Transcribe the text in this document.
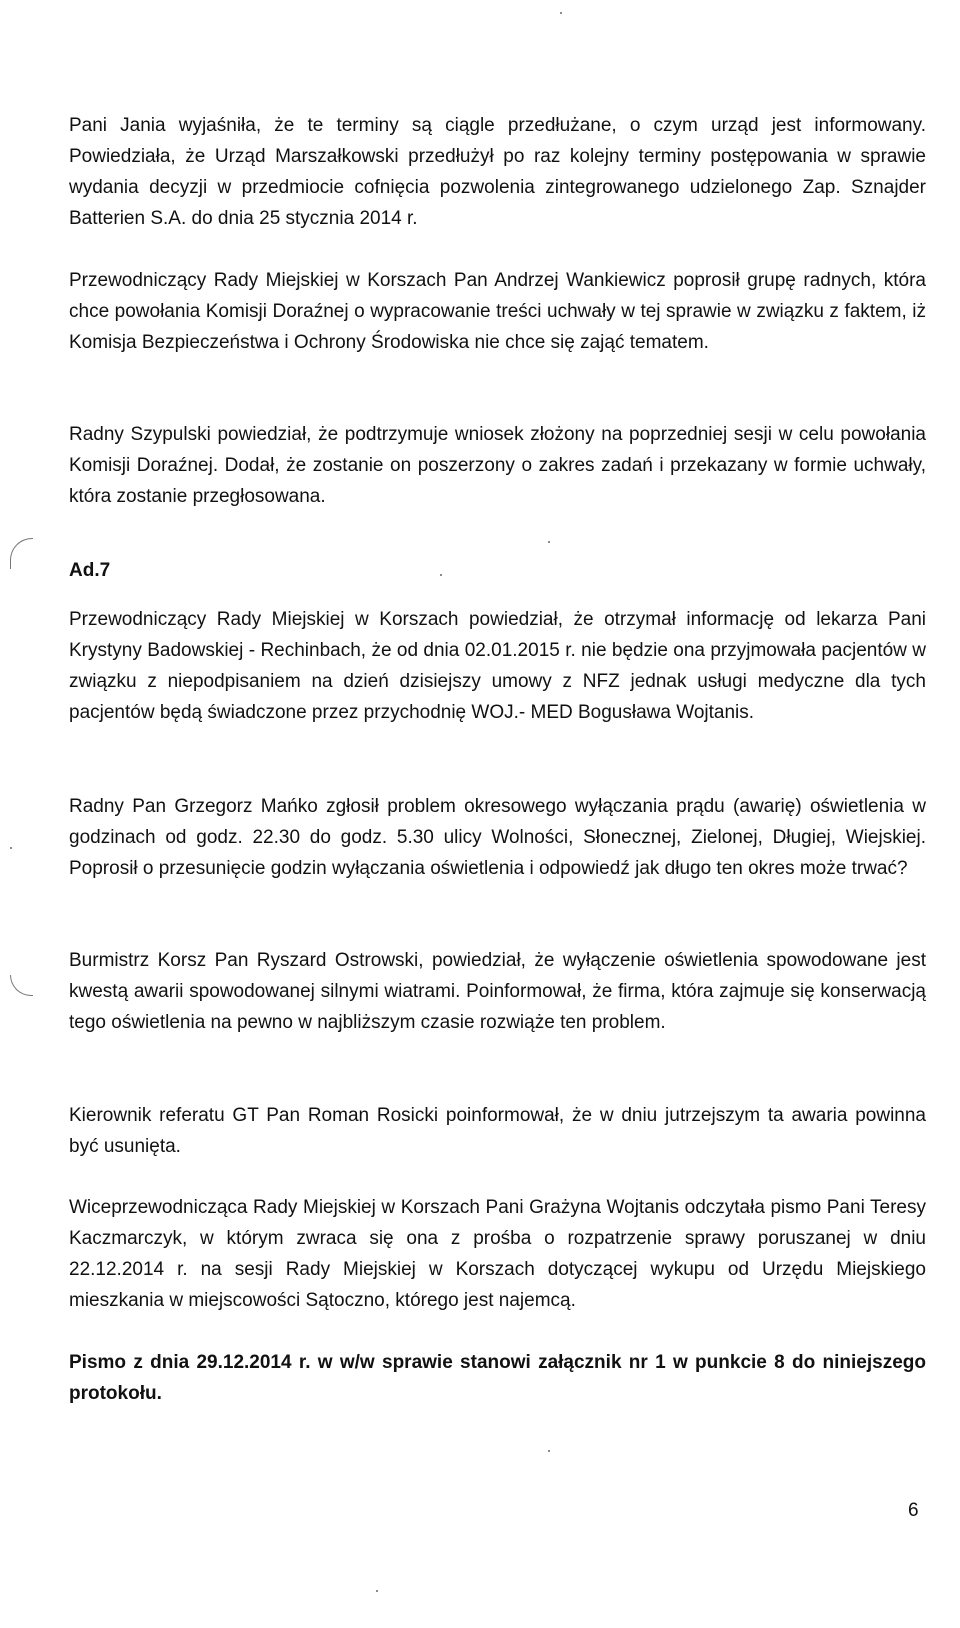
Pani Jania wyjaśniła, że te terminy są ciągle przedłużane, o czym urząd jest informowany. Powiedziała, że Urząd Marszałkowski przedłużył po raz kolejny terminy postępowania w sprawie wydania decyzji w przedmiocie cofnięcia pozwolenia zintegrowanego udzielonego Zap. Sznajder Batterien S.A. do dnia 25 stycznia 2014 r.

Przewodniczący Rady Miejskiej w Korszach Pan Andrzej Wankiewicz poprosił grupę radnych, która chce powołania Komisji Doraźnej o wypracowanie treści uchwały w tej sprawie w związku z faktem, iż Komisja Bezpieczeństwa i Ochrony Środowiska nie chce się zająć tematem.

Radny Szypulski powiedział, że podtrzymuje wniosek złożony na poprzedniej sesji w celu powołania Komisji Doraźnej. Dodał, że zostanie on poszerzony o zakres zadań i przekazany w formie uchwały, która zostanie przegłosowana.

Ad.7

Przewodniczący Rady Miejskiej w Korszach powiedział, że otrzymał informację od lekarza Pani Krystyny Badowskiej - Rechinbach, że od dnia 02.01.2015 r. nie będzie ona przyjmowała pacjentów w związku z niepodpisaniem na dzień dzisiejszy umowy z NFZ jednak usługi medyczne dla tych pacjentów będą świadczone przez przychodnię WOJ.- MED Bogusława Wojtanis.

Radny Pan Grzegorz Mańko zgłosił problem okresowego wyłączania prądu (awarię) oświetlenia w godzinach od godz. 22.30 do godz. 5.30 ulicy Wolności, Słonecznej, Zielonej, Długiej, Wiejskiej. Poprosił o przesunięcie godzin wyłączania oświetlenia i odpowiedź jak długo ten okres może trwać?

Burmistrz Korsz Pan Ryszard Ostrowski, powiedział, że wyłączenie oświetlenia spowodowane jest kwestą awarii spowodowanej silnymi wiatrami. Poinformował, że firma, która zajmuje się konserwacją tego oświetlenia na pewno w najbliższym czasie rozwiąże ten problem.

Kierownik referatu GT Pan Roman Rosicki poinformował, że w dniu jutrzejszym ta awaria powinna być usunięta.

Wiceprzewodnicząca Rady Miejskiej w Korszach Pani Grażyna Wojtanis odczytała pismo Pani Teresy Kaczmarczyk, w którym zwraca się ona z prośba o rozpatrzenie sprawy poruszanej w dniu 22.12.2014 r. na sesji Rady Miejskiej w Korszach dotyczącej wykupu od Urzędu Miejskiego mieszkania w miejscowości Sątoczno, którego jest najemcą.

Pismo z dnia 29.12.2014 r. w w/w sprawie stanowi załącznik nr 1 w punkcie 8 do niniejszego protokołu.

6
